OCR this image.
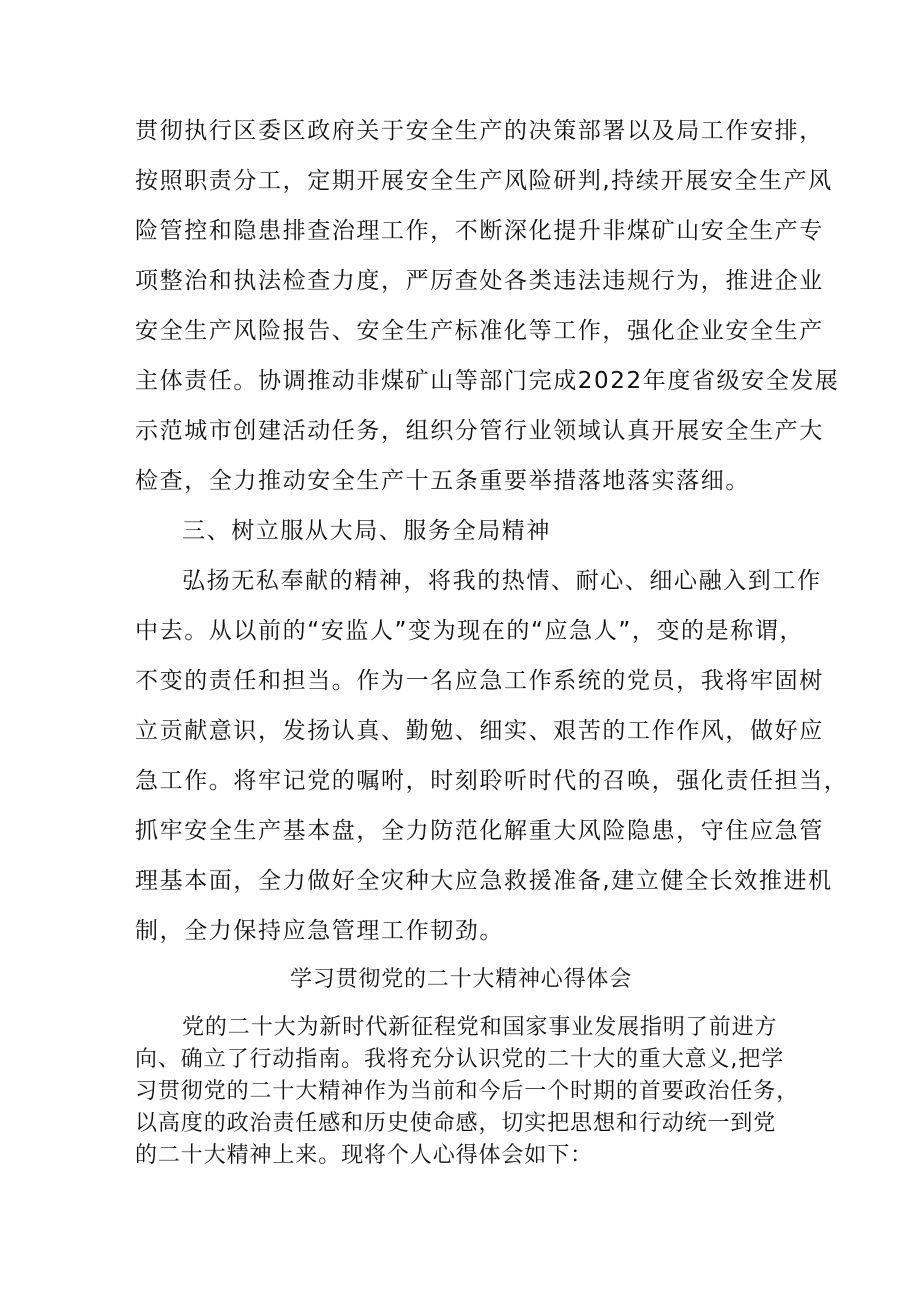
贯彻执行区委区政府关于安全生产的决策部署以及局工作安排，
按照职责分工，定期开展安全生产风险研判,持续开展安全生产风
险管控和隐患排查治理工作，不断深化提升非煤矿山安全生产专
项整治和执法检查力度，严厉查处各类违法违规行为，推进企业
安全生产风险报告、安全生产标准化等工作，强化企业安全生产
主体责任。协调推动非煤矿山等部门完成2022年度省级安全发展
示范城市创建活动任务，组织分管行业领域认真开展安全生产大
检查，全力推动安全生产十五条重要举措落地落实落细。
三、树立服从大局、服务全局精神
弘扬无私奉献的精神，将我的热情、耐心、细心融入到工作
中去。从以前的“安监人”变为现在的“应急人”，变的是称谓，
不变的责任和担当。作为一名应急工作系统的党员，我将牢固树
立贡献意识，发扬认真、勤勉、细实、艰苦的工作作风，做好应
急工作。将牢记党的嘱咐，时刻聆听时代的召唤，强化责任担当，
抓牢安全生产基本盘，全力防范化解重大风险隐患，守住应急管
理基本面，全力做好全灾种大应急救援准备,建立健全长效推进机
制，全力保持应急管理工作韧劲。
学习贯彻党的二十大精神心得体会
党的二十大为新时代新征程党和国家事业发展指明了前进方
向、确立了行动指南。我将充分认识党的二十大的重大意义,把学
习贯彻党的二十大精神作为当前和今后一个时期的首要政治任务，
以高度的政治责任感和历史使命感，切实把思想和行动统一到党
的二十大精神上来。现将个人心得体会如下：
